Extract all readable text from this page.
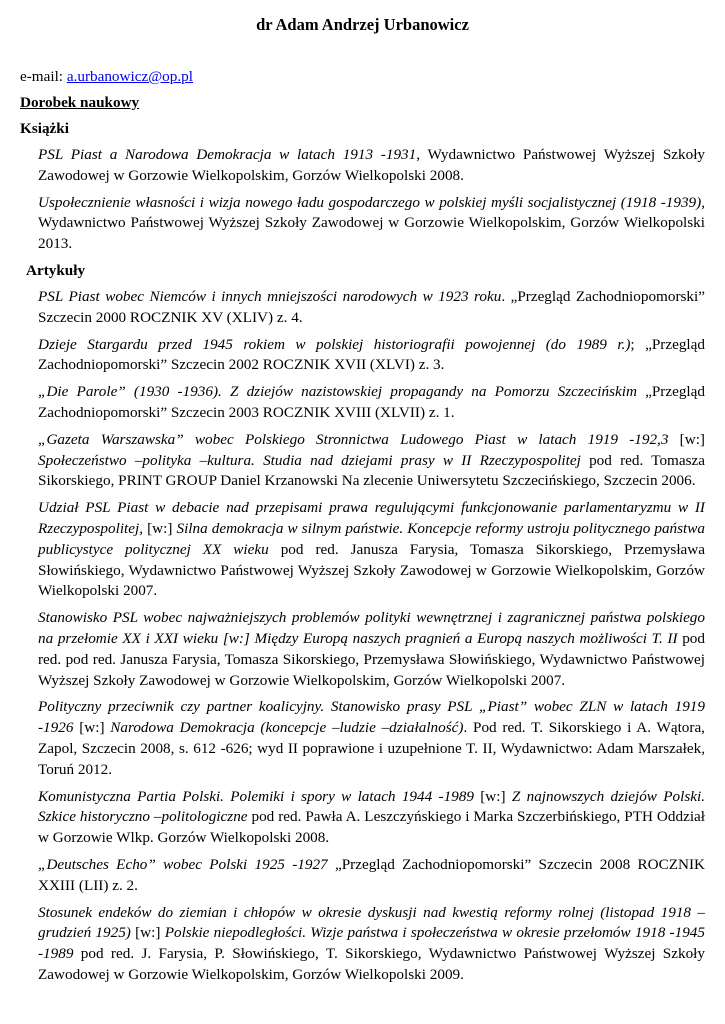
dr Adam Andrzej Urbanowicz
e-mail: a.urbanowicz@op.pl
Dorobek naukowy
Książki
PSL Piast a Narodowa Demokracja w latach 1913 -1931, Wydawnictwo Państwowej Wyższej Szkoły Zawodowej w Gorzowie Wielkopolskim, Gorzów Wielkopolski 2008.
Uspołecznienie własności i wizja nowego ładu gospodarczego w polskiej myśli socjalistycznej (1918 -1939), Wydawnictwo Państwowej Wyższej Szkoły Zawodowej w Gorzowie Wielkopolskim, Gorzów Wielkopolski 2013.
Artykuły
PSL Piast wobec Niemców i innych mniejszości narodowych w 1923 roku. „Przegląd Zachodniopomorski” Szczecin 2000 ROCZNIK XV (XLIV) z. 4.
Dzieje Stargardu przed 1945 rokiem w polskiej historiografii powojennej (do 1989 r.); „Przegląd Zachodniopomorski” Szczecin 2002 ROCZNIK XVII (XLVI) z. 3.
„Die Parole” (1930 -1936). Z dziejów nazistowskiej propagandy na Pomorzu Szczecińskim „Przegląd Zachodniopomorski” Szczecin 2003 ROCZNIK XVIII (XLVII) z. 1.
„Gazeta Warszawska” wobec Polskiego Stronnictwa Ludowego Piast w latach 1919 -192,3 [w:] Społeczeństwo –polityka –kultura. Studia nad dziejami prasy w II Rzeczypospolitej pod red. Tomasza Sikorskiego, PRINT GROUP Daniel Krzanowski Na zlecenie Uniwersytetu Szczecińskiego, Szczecin 2006.
Udział PSL Piast w debacie nad przepisami prawa regulującymi funkcjonowanie parlamentaryzmu w II Rzeczypospolitej, [w:] Silna demokracja w silnym państwie. Koncepcje reformy ustroju politycznego państwa publicystyce politycznej XX wieku pod red. Janusza Farysia, Tomasza Sikorskiego, Przemysława Słowińskiego, Wydawnictwo Państwowej Wyższej Szkoły Zawodowej w Gorzowie Wielkopolskim, Gorzów Wielkopolski 2007.
Stanowisko PSL wobec najważniejszych problemów polityki wewnętrznej i zagranicznej państwa polskiego na przełomie XX i XXI wieku [w:] Między Europą naszych pragnień a Europą naszych możliwości T. II pod red. pod red. Janusza Farysia, Tomasza Sikorskiego, Przemysława Słowińskiego, Wydawnictwo Państwowej Wyższej Szkoły Zawodowej w Gorzowie Wielkopolskim, Gorzów Wielkopolski 2007.
Polityczny przeciwnik czy partner koalicyjny. Stanowisko prasy PSL „Piast” wobec ZLN w latach 1919 -1926 [w:] Narodowa Demokracja (koncepcje –ludzie –działalność). Pod red. T. Sikorskiego i A. Wątora, Zapol, Szczecin 2008, s. 612 -626; wyd II poprawione i uzupełnione T. II, Wydawnictwo: Adam Marszałek, Toruń 2012.
Komunistyczna Partia Polski. Polemiki i spory w latach 1944 -1989 [w:] Z najnowszych dziejów Polski. Szkice historyczno –politologiczne pod red. Pawła A. Leszczyńskiego i Marka Szczerbińskiego, PTH Oddział w Gorzowie Wlkp. Gorzów Wielkopolski 2008.
„Deutsches Echo” wobec Polski 1925 -1927 „Przegląd Zachodniopomorski” Szczecin 2008 ROCZNIK XXIII (LII) z. 2.
Stosunek endeków do ziemian i chłopów w okresie dyskusji nad kwestią reformy rolnej (listopad 1918 –grudzień 1925) [w:] Polskie niepodległości. Wizje państwa i społeczeństwa w okresie przełomów 1918 -1945 -1989 pod red. J. Farysia, P. Słowińskiego, T. Sikorskiego, Wydawnictwo Państwowej Wyższej Szkoły Zawodowej w Gorzowie Wielkopolskim, Gorzów Wielkopolski 2009.
